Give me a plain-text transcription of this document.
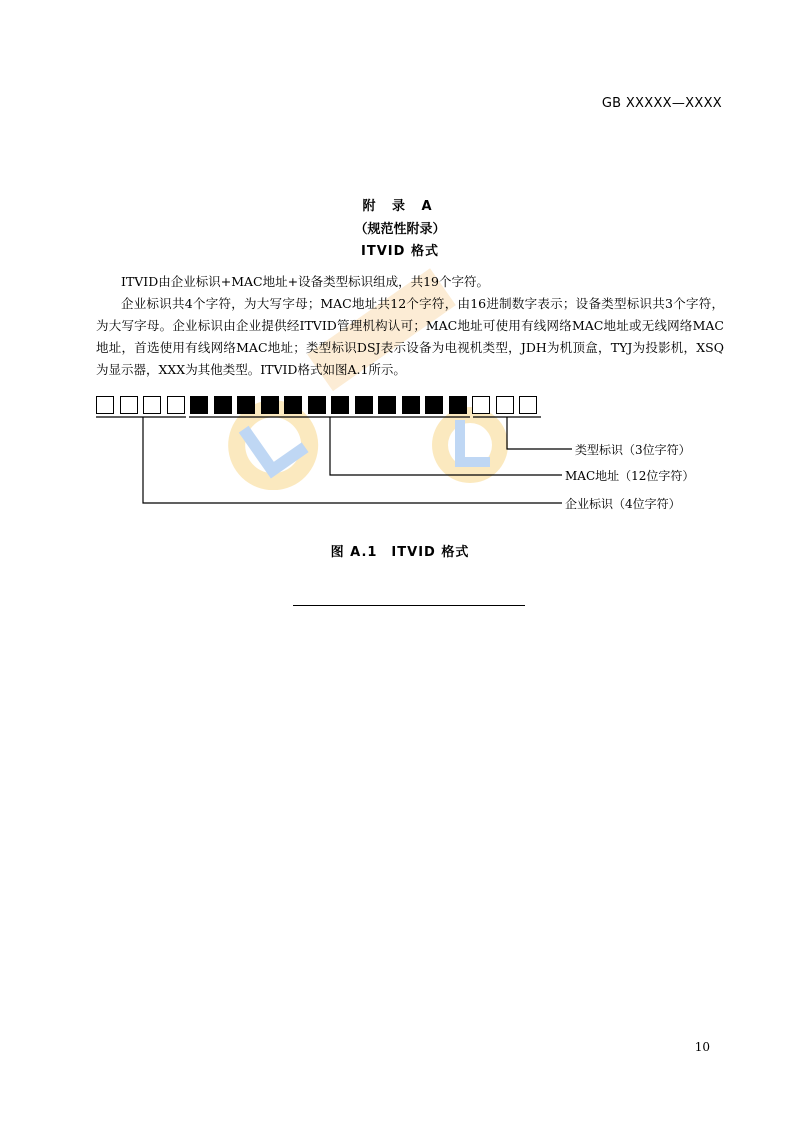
GB XXXXX—XXXX
附 录 A
（规范性附录）
ITVID 格式

ITVID由企业标识+MAC地址+设备类型标识组成，共19个字符。

企业标识共4个字符，为大写字母；MAC地址共12个字符，由16进制数字表示；设备类型标识共3个字符，为大写字母。企业标识由企业提供经ITVID管理机构认可；MAC地址可使用有线网络MAC地址或无线网络MAC地址，首选使用有线网络MAC地址；类型标识DSJ表示设备为电视机类型，JDH为机顶盒，TYJ为投影机，XSQ为显示器，XXX为其他类型。ITVID格式如图A.1所示。

类型标识（3位字符）
MAC地址（12位字符）
企业标识（4位字符）
图 A.1　ITVID 格式
10
